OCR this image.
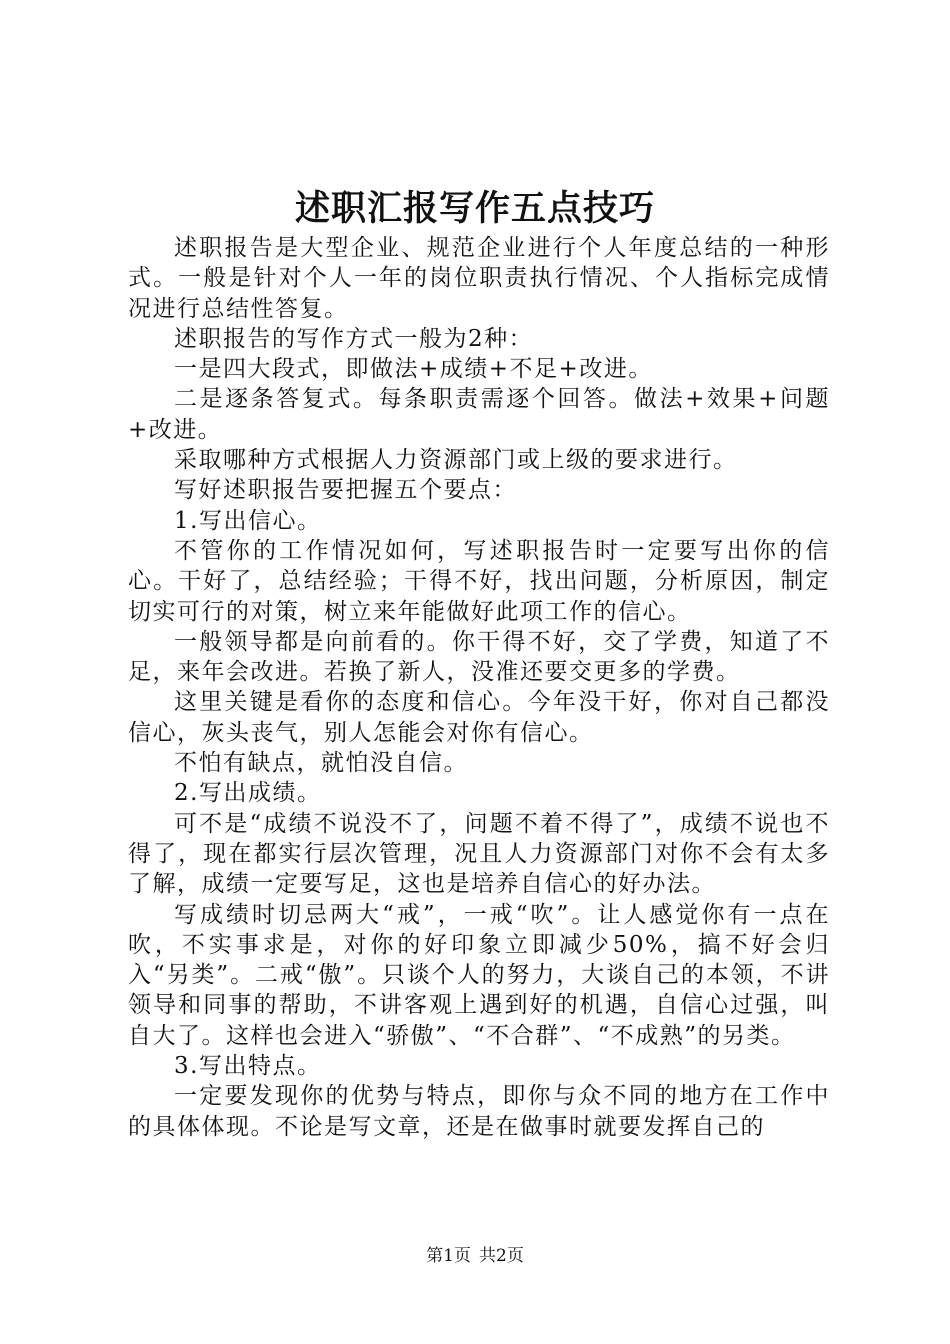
述职汇报写作五点技巧

述职报告是大型企业、规范企业进行个人年度总结的一种形式。一般是针对个人一年的岗位职责执行情况、个人指标完成情况进行总结性答复。

述职报告的写作方式一般为2种：

一是四大段式，即做法+成绩+不足+改进。

二是逐条答复式。每条职责需逐个回答。做法+效果+问题+改进。

采取哪种方式根据人力资源部门或上级的要求进行。

写好述职报告要把握五个要点：

1.写出信心。

不管你的工作情况如何，写述职报告时一定要写出你的信心。干好了，总结经验；干得不好，找出问题，分析原因，制定切实可行的对策，树立来年能做好此项工作的信心。

一般领导都是向前看的。你干得不好，交了学费，知道了不足，来年会改进。若换了新人，没准还要交更多的学费。

这里关键是看你的态度和信心。今年没干好，你对自己都没信心，灰头丧气，别人怎能会对你有信心。

不怕有缺点，就怕没自信。

2.写出成绩。

可不是“成绩不说没不了，问题不着不得了”，成绩不说也不得了，现在都实行层次管理，况且人力资源部门对你不会有太多了解，成绩一定要写足，这也是培养自信心的好办法。

写成绩时切忌两大“戒”，一戒“吹”。让人感觉你有一点在吹，不实事求是，对你的好印象立即减少50%，搞不好会归入“另类”。二戒“傲”。只谈个人的努力，大谈自己的本领，不讲领导和同事的帮助，不讲客观上遇到好的机遇，自信心过强，叫自大了。这样也会进入“骄傲”、“不合群”、“不成熟”的另类。

3.写出特点。

一定要发现你的优势与特点，即你与众不同的地方在工作中的具体体现。不论是写文章，还是在做事时就要发挥自己的

第1页 共2页
